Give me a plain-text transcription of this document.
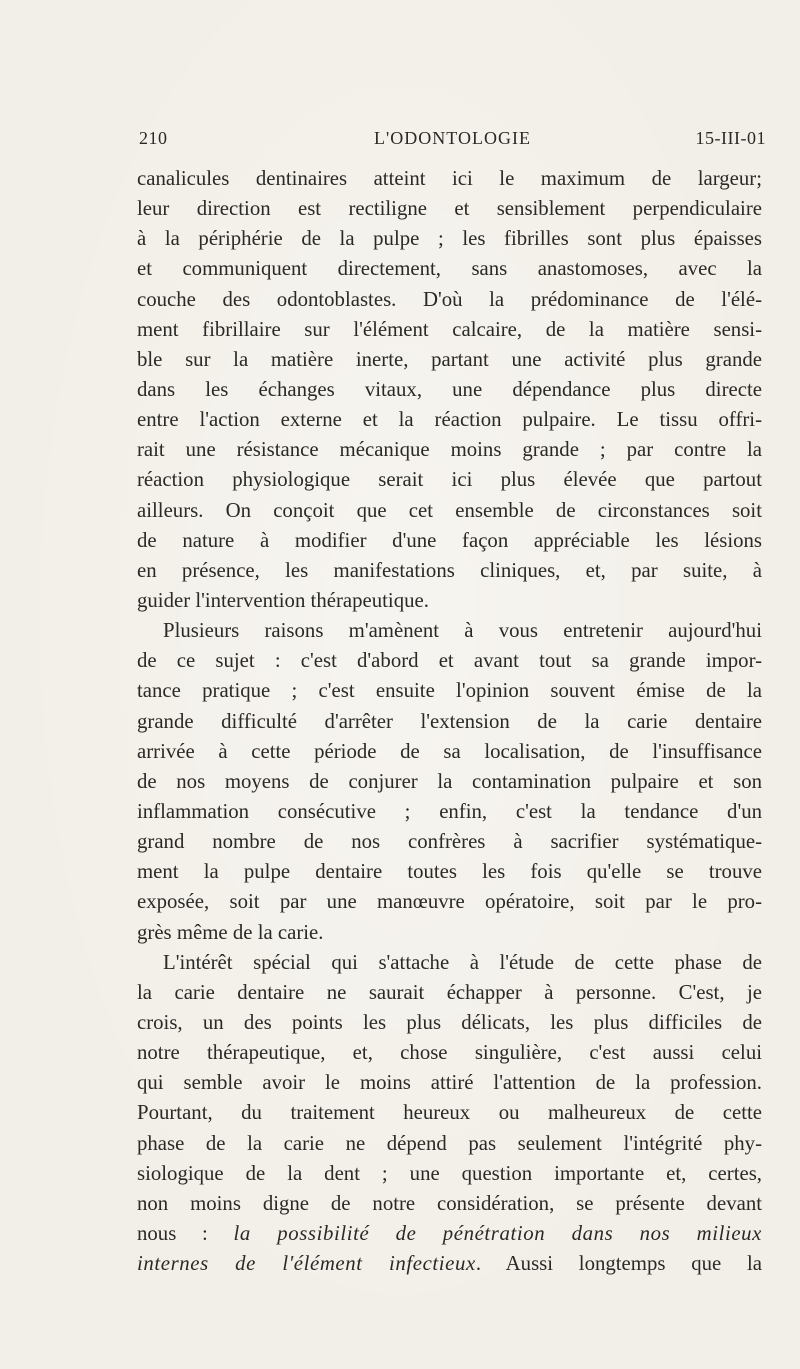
210	L'ODONTOLOGIE	15-III-01
canalicules dentinaires atteint ici le maximum de largeur;
leur direction est rectiligne et sensiblement perpendiculaire
à la périphérie de la pulpe ; les fibrilles sont plus épaisses
et communiquent directement, sans anastomoses, avec la
couche des odontoblastes. D'où la prédominance de l'élé-
ment fibrillaire sur l'élément calcaire, de la matière sensi-
ble sur la matière inerte, partant une activité plus grande
dans les échanges vitaux, une dépendance plus directe
entre l'action externe et la réaction pulpaire. Le tissu offri-
rait une résistance mécanique moins grande ; par contre la
réaction physiologique serait ici plus élevée que partout
ailleurs. On conçoit que cet ensemble de circonstances soit
de nature à modifier d'une façon appréciable les lésions
en présence, les manifestations cliniques, et, par suite, à
guider l'intervention thérapeutique.
Plusieurs raisons m'amènent à vous entretenir aujourd'hui
de ce sujet : c'est d'abord et avant tout sa grande impor-
tance pratique ; c'est ensuite l'opinion souvent émise de la
grande difficulté d'arrêter l'extension de la carie dentaire
arrivée à cette période de sa localisation, de l'insuffisance
de nos moyens de conjurer la contamination pulpaire et son
inflammation consécutive ; enfin, c'est la tendance d'un
grand nombre de nos confrères à sacrifier systématique-
ment la pulpe dentaire toutes les fois qu'elle se trouve
exposée, soit par une manœuvre opératoire, soit par le pro-
grès même de la carie.
L'intérêt spécial qui s'attache à l'étude de cette phase de
la carie dentaire ne saurait échapper à personne. C'est, je
crois, un des points les plus délicats, les plus difficiles de
notre thérapeutique, et, chose singulière, c'est aussi celui
qui semble avoir le moins attiré l'attention de la profession.
Pourtant, du traitement heureux ou malheureux de cette
phase de la carie ne dépend pas seulement l'intégrité phy-
siologique de la dent ; une question importante et, certes,
non moins digne de notre considération, se présente devant
nous : la possibilité de pénétration dans nos milieux
internes de l'élément infectieux. Aussi longtemps que la
